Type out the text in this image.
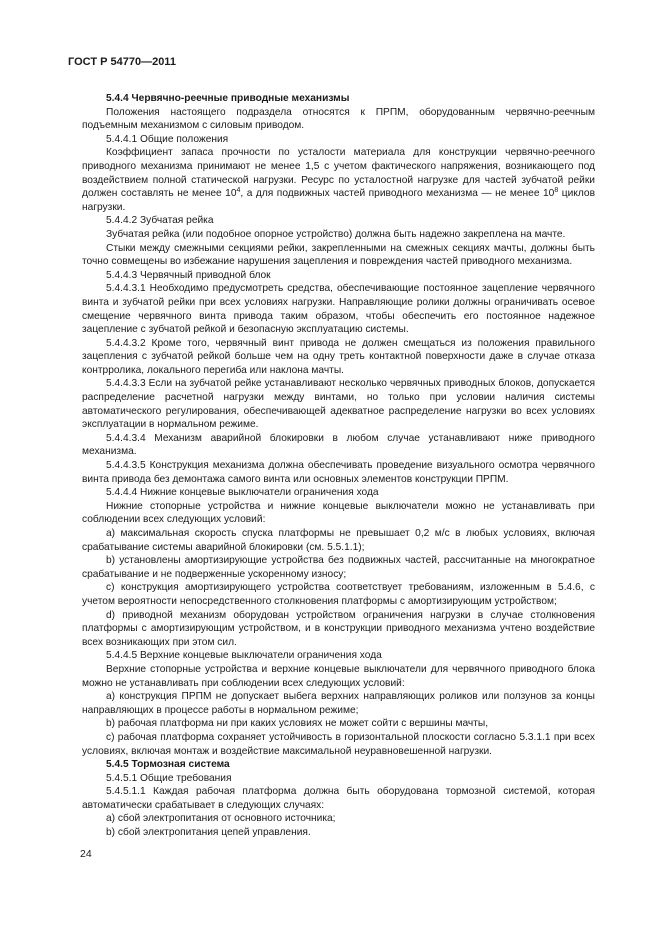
ГОСТ Р 54770—2011

5.4.4 Червячно-реечные приводные механизмы

Положения настоящего подраздела относятся к ПРПМ, оборудованным червячно-реечным подъемным механизмом с силовым приводом.

5.4.4.1 Общие положения

Коэффициент запаса прочности по усталости материала для конструкции червячно-реечного приводного механизма принимают не менее 1,5 с учетом фактического напряжения, возникающего под воздействием полной статической нагрузки. Ресурс по усталостной нагрузке для частей зубчатой рейки должен составлять не менее $10^4$, а для подвижных частей приводного механизма — не менее $10^8$ циклов нагрузки.

5.4.4.2 Зубчатая рейка

Зубчатая рейка (или подобное опорное устройство) должна быть надежно закреплена на мачте.

Стыки между смежными секциями рейки, закрепленными на смежных секциях мачты, должны быть точно совмещены во избежание нарушения зацепления и повреждения частей приводного механизма.

5.4.4.3 Червячный приводной блок

5.4.4.3.1 Необходимо предусмотреть средства, обеспечивающие постоянное зацепление червячного винта и зубчатой рейки при всех условиях нагрузки. Направляющие ролики должны ограничивать осевое смещение червячного винта привода таким образом, чтобы обеспечить его постоянное надежное зацепление с зубчатой рейкой и безопасную эксплуатацию системы.

5.4.4.3.2 Кроме того, червячный винт привода не должен смещаться из положения правильного зацепления с зубчатой рейкой больше чем на одну треть контактной поверхности даже в случае отказа контрролика, локального перегиба или наклона мачты.

5.4.4.3.3 Если на зубчатой рейке устанавливают несколько червячных приводных блоков, допускается распределение расчетной нагрузки между винтами, но только при условии наличия системы автоматического регулирования, обеспечивающей адекватное распределение нагрузки во всех условиях эксплуатации в нормальном режиме.

5.4.4.3.4 Механизм аварийной блокировки в любом случае устанавливают ниже приводного механизма.

5.4.4.3.5 Конструкция механизма должна обеспечивать проведение визуального осмотра червячного винта привода без демонтажа самого винта или основных элементов конструкции ПРПМ.

5.4.4.4 Нижние концевые выключатели ограничения хода

Нижние стопорные устройства и нижние концевые выключатели можно не устанавливать при соблюдении всех следующих условий:

a) максимальная скорость спуска платформы не превышает 0,2 м/с в любых условиях, включая срабатывание системы аварийной блокировки (см. 5.5.1.1);

b) установлены амортизирующие устройства без подвижных частей, рассчитанные на многократное срабатывание и не подверженные ускоренному износу;

c) конструкция амортизирующего устройства соответствует требованиям, изложенным в 5.4.6, с учетом вероятности непосредственного столкновения платформы с амортизирующим устройством;

d) приводной механизм оборудован устройством ограничения нагрузки в случае столкновения платформы с амортизирующим устройством, и в конструкции приводного механизма учтено воздействие всех возникающих при этом сил.

5.4.4.5 Верхние концевые выключатели ограничения хода

Верхние стопорные устройства и верхние концевые выключатели для червячного приводного блока можно не устанавливать при соблюдении всех следующих условий:

a) конструкция ПРПМ не допускает выбега верхних направляющих роликов или ползунов за концы направляющих в процессе работы в нормальном режиме;

b) рабочая платформа ни при каких условиях не может сойти с вершины мачты,

c) рабочая платформа сохраняет устойчивость в горизонтальной плоскости согласно 5.3.1.1 при всех условиях, включая монтаж и воздействие максимальной неуравновешенной нагрузки.

5.4.5 Тормозная система

5.4.5.1 Общие требования

5.4.5.1.1 Каждая рабочая платформа должна быть оборудована тормозной системой, которая автоматически срабатывает в следующих случаях:

a) сбой электропитания от основного источника;

b) сбой электропитания цепей управления.

24
